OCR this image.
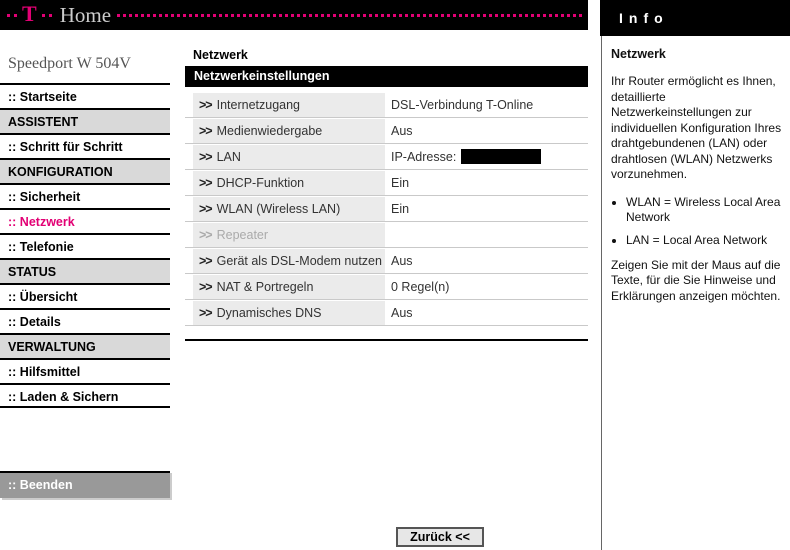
T Home	Info
Netzwerk

Ihr Router ermöglicht es Ihnen, detaillierte Netzwerkeinstellungen zur individuellen Konfiguration Ihres drahtgebundenen (LAN) oder drahtlosen (WLAN) Netzwerks vorzunehmen.

• WLAN = Wireless Local Area Network
• LAN = Local Area Network

Zeigen Sie mit der Maus auf die Texte, für die Sie Hinweise und Erklärungen anzeigen möchten.

Speedport W 504V
:: Startseite
ASSISTENT
:: Schritt für Schritt
KONFIGURATION
:: Sicherheit
:: Netzwerk
:: Telefonie
STATUS
:: Übersicht
:: Details
VERWALTUNG
:: Hilfsmittel
:: Laden & Sichern
:: Beenden
Netzwerk
Netzwerkeinstellungen
>> Internetzugang	DSL-Verbindung T-Online
>> Medienwiedergabe	Aus
>> LAN	IP-Adresse:
>> DHCP-Funktion	Ein
>> WLAN (Wireless LAN)	Ein
>> Repeater
>> Gerät als DSL-Modem nutzen Aus
>> NAT & Portregeln	0 Regel(n)
>> Dynamisches DNS	Aus
Zurück <<
